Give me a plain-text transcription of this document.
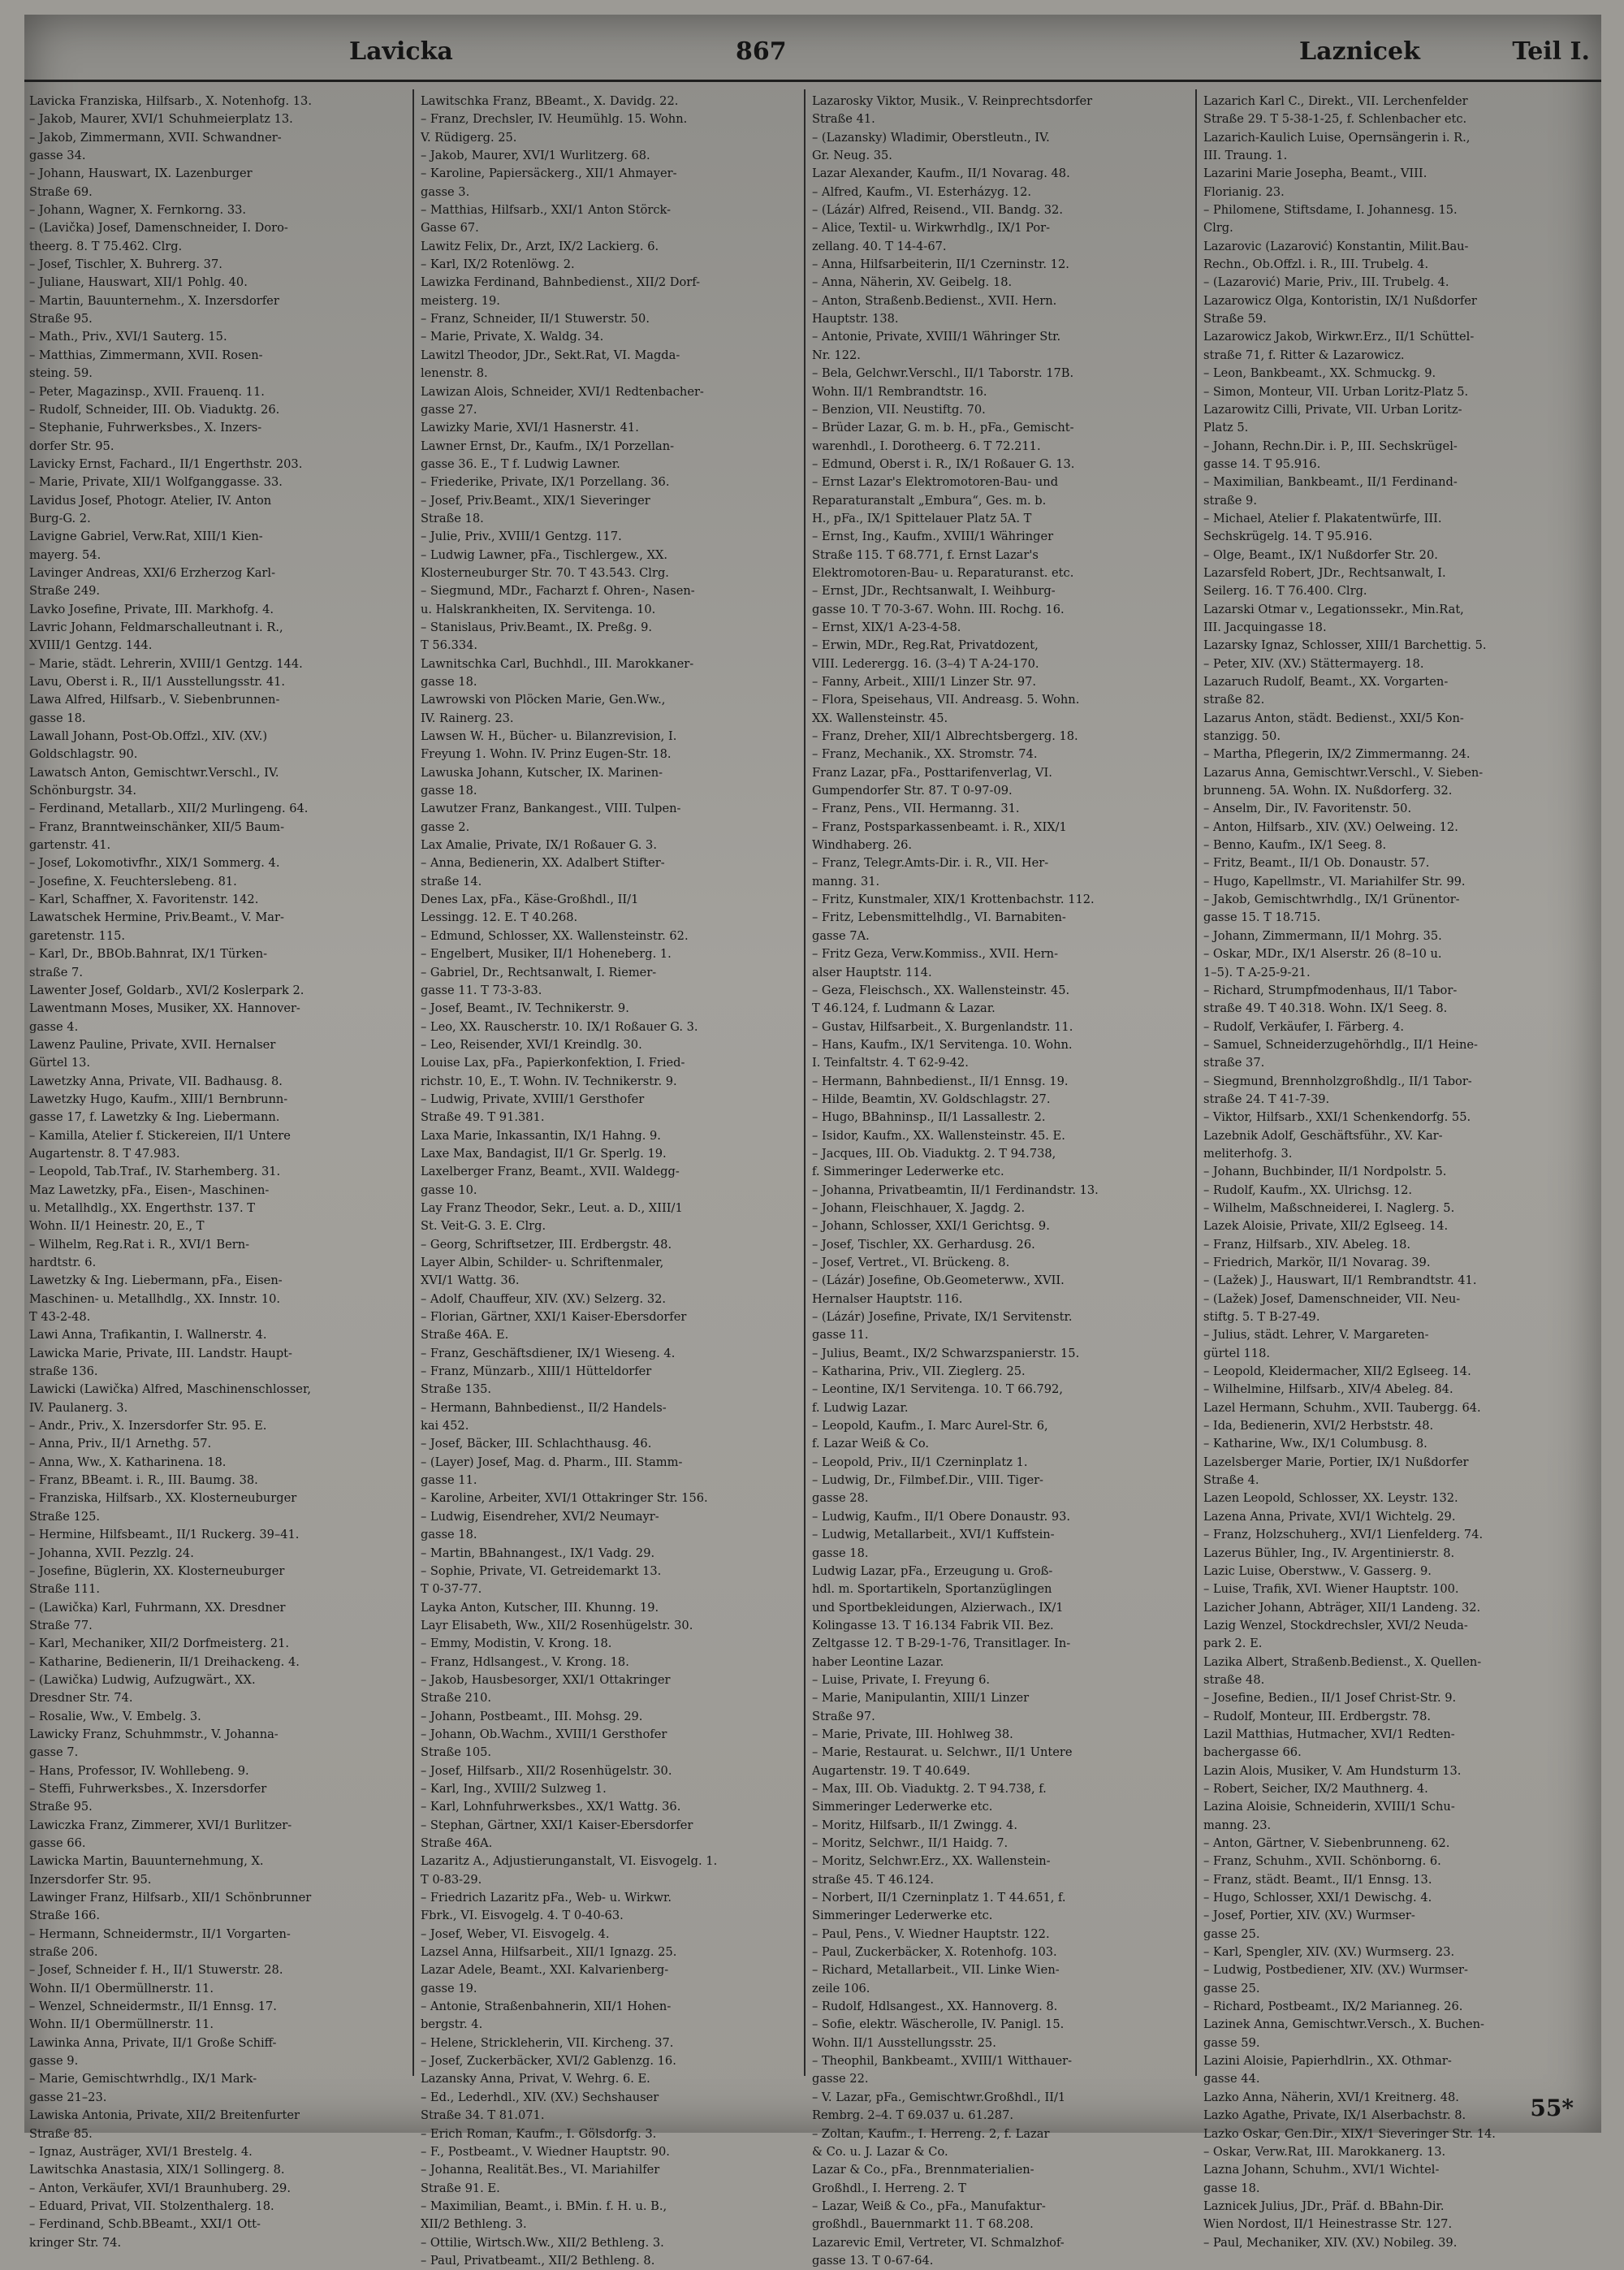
Lavicka	867	Laznicek	Teil I.
Lavicka Franziska, Hilfsarb., X. Notenhofg. 13.
– Jakob, Maurer, XVI/1 Schuhmeierplatz 13.
– Jakob, Zimmermann, XVII. Schwandner-
gasse 34.
– Johann, Hauswart, IX. Lazenburger
Straße 69.
– Johann, Wagner, X. Fernkorng. 33.
– (Lavička) Josef, Damenschneider, I. Doro-
theerg. 8. T 75.462. Clrg.
– Josef, Tischler, X. Buhrerg. 37.
– Juliane, Hauswart, XII/1 Pohlg. 40.
– Martin, Bauunternehm., X. Inzersdorfer
Straße 95.
– Math., Priv., XVI/1 Sauterg. 15.
– Matthias, Zimmermann, XVII. Rosen-
steing. 59.
– Peter, Magazinsp., XVII. Frauenq. 11.
– Rudolf, Schneider, III. Ob. Viaduktg. 26.
– Stephanie, Fuhrwerksbes., X. Inzers-
dorfer Str. 95.
Lavicky Ernst, Fachard., II/1 Engerthstr. 203.
– Marie, Private, XII/1 Wolfganggasse. 33.
Lavidus Josef, Photogr. Atelier, IV. Anton
Burg-G. 2.
Lavigne Gabriel, Verw.Rat, XIII/1 Kien-
mayerg. 54.
Lavinger Andreas, XXI/6 Erzherzog Karl-
Straße 249.
Lavko Josefine, Private, III. Markhofg. 4.
Lavric Johann, Feldmarschalleutnant i. R.,
XVIII/1 Gentzg. 144.
– Marie, städt. Lehrerin, XVIII/1 Gentzg. 144.
Lavu, Oberst i. R., II/1 Ausstellungsstr. 41.
Lawa Alfred, Hilfsarb., V. Siebenbrunnen-
gasse 18.
Lawall Johann, Post-Ob.Offzl., XIV. (XV.)
Goldschlagstr. 90.
Lawatsch Anton, Gemischtwr.Verschl., IV.
Schönburgstr. 34.
– Ferdinand, Metallarb., XII/2 Murlingeng. 64.
– Franz, Branntweinschänker, XII/5 Baum-
gartenstr. 41.
– Josef, Lokomotivfhr., XIX/1 Sommerg. 4.
– Josefine, X. Feuchterslebeng. 81.
– Karl, Schaffner, X. Favoritenstr. 142.
Lawatschek Hermine, Priv.Beamt., V. Mar-
garetenstr. 115.
– Karl, Dr., BBOb.Bahnrat, IX/1 Türken-
straße 7.
Lawenter Josef, Goldarb., XVI/2 Koslerpark 2.
Lawentmann Moses, Musiker, XX. Hannover-
gasse 4.
Lawenz Pauline, Private, XVII. Hernalser
Gürtel 13.
Lawetzky Anna, Private, VII. Badhausg. 8.
Lawetzky Hugo, Kaufm., XIII/1 Bernbrunn-
gasse 17, f. Lawetzky & Ing. Liebermann.
– Kamilla, Atelier f. Stickereien, II/1 Untere
Augartenstr. 8. T 47.983.
– Leopold, Tab.Traf., IV. Starhemberg. 31.
Maz Lawetzky, pFa., Eisen-, Maschinen-
u. Metallhdlg., XX. Engerthstr. 137. T
Wohn. II/1 Heinestr. 20, E., T
– Wilhelm, Reg.Rat i. R., XVI/1 Bern-
hardtstr. 6.
Lawetzky & Ing. Liebermann, pFa., Eisen-
Maschinen- u. Metallhdlg., XX. Innstr. 10.
T 43-2-48.
Lawi Anna, Trafikantin, I. Wallnerstr. 4.
Lawicka Marie, Private, III. Landstr. Haupt-
straße 136.
Lawicki (Lawička) Alfred, Maschinenschlosser,
IV. Paulanerg. 3.
– Andr., Priv., X. Inzersdorfer Str. 95. E.
– Anna, Priv., II/1 Arnethg. 57.
– Anna, Ww., X. Katharinena. 18.
– Franz, BBeamt. i. R., III. Baumg. 38.
– Franziska, Hilfsarb., XX. Klosterneuburger
Straße 125.
– Hermine, Hilfsbeamt., II/1 Ruckerg. 39–41.
– Johanna, XVII. Pezzlg. 24.
– Josefine, Büglerin, XX. Klosterneuburger
Straße 111.
– (Lawička) Karl, Fuhrmann, XX. Dresdner
Straße 77.
– Karl, Mechaniker, XII/2 Dorfmeisterg. 21.
– Katharine, Bedienerin, II/1 Dreihackeng. 4.
– (Lawička) Ludwig, Aufzugwärt., XX.
Dresdner Str. 74.
– Rosalie, Ww., V. Embelg. 3.
Lawicky Franz, Schuhmmstr., V. Johanna-
gasse 7.
– Hans, Professor, IV. Wohllebeng. 9.
– Steffi, Fuhrwerksbes., X. Inzersdorfer
Straße 95.
Lawiczka Franz, Zimmerer, XVI/1 Burlitzer-
gasse 66.
Lawicka Martin, Bauunternehmung, X.
Inzersdorfer Str. 95.
Lawinger Franz, Hilfsarb., XII/1 Schönbrunner
Straße 166.
– Hermann, Schneidermstr., II/1 Vorgarten-
straße 206.
– Josef, Schneider f. H., II/1 Stuwerstr. 28.
Wohn. II/1 Obermüllnerstr. 11.
– Wenzel, Schneidermstr., II/1 Ennsg. 17.
Wohn. II/1 Obermüllnerstr. 11.
Lawinka Anna, Private, II/1 Große Schiff-
gasse 9.
– Marie, Gemischtwrhdlg., IX/1 Mark-
gasse 21–23.
Lawiska Antonia, Private, XII/2 Breitenfurter
Straße 85.
– Ignaz, Austräger, XVI/1 Brestelg. 4.
Lawitschka Anastasia, XIX/1 Sollingerg. 8.
– Anton, Verkäufer, XVI/1 Braunhuberg. 29.
– Eduard, Privat, VII. Stolzenthalerg. 18.
– Ferdinand, Schb.BBeamt., XXI/1 Ott-
kringer Str. 74.
Lawitschka Franz, BBeamt., X. Davidg. 22.
– Franz, Drechsler, IV. Heumühlg. 15. Wohn.
V. Rüdigerg. 25.
– Jakob, Maurer, XVI/1 Wurlitzerg. 68.
– Karoline, Papiersäckerg., XII/1 Ahmayer-
gasse 3.
– Matthias, Hilfsarb., XXI/1 Anton Störck-
Gasse 67.
Lawitz Felix, Dr., Arzt, IX/2 Lackierg. 6.
– Karl, IX/2 Rotenlöwg. 2.
Lawizka Ferdinand, Bahnbedienst., XII/2 Dorf-
meisterg. 19.
– Franz, Schneider, II/1 Stuwerstr. 50.
– Marie, Private, X. Waldg. 34.
Lawitzl Theodor, JDr., Sekt.Rat, VI. Magda-
lenenstr. 8.
Lawizan Alois, Schneider, XVI/1 Redtenbacher-
gasse 27.
Lawizky Marie, XVI/1 Hasnerstr. 41.
Lawner Ernst, Dr., Kaufm., IX/1 Porzellan-
gasse 36. E., T f. Ludwig Lawner.
– Friederike, Private, IX/1 Porzellang. 36.
– Josef, Priv.Beamt., XIX/1 Sieveringer
Straße 18.
– Julie, Priv., XVIII/1 Gentzg. 117.
– Ludwig Lawner, pFa., Tischlergew., XX.
Klosterneuburger Str. 70. T 43.543. Clrg.
– Siegmund, MDr., Facharzt f. Ohren-, Nasen-
u. Halskrankheiten, IX. Servitenga. 10.
– Stanislaus, Priv.Beamt., IX. Preßg. 9.
T 56.334.
Lawnitschka Carl, Buchhdl., III. Marokkaner-
gasse 18.
Lawrowski von Plöcken Marie, Gen.Ww.,
IV. Rainerg. 23.
Lawsen W. H., Bücher- u. Bilanzrevision, I.
Freyung 1. Wohn. IV. Prinz Eugen-Str. 18.
Lawuska Johann, Kutscher, IX. Marinen-
gasse 18.
Lawutzer Franz, Bankangest., VIII. Tulpen-
gasse 2.
Lax Amalie, Private, IX/1 Roßauer G. 3.
– Anna, Bedienerin, XX. Adalbert Stifter-
straße 14.
Denes Lax, pFa., Käse-Großhdl., II/1
Lessingg. 12. E. T 40.268.
– Edmund, Schlosser, XX. Wallensteinstr. 62.
– Engelbert, Musiker, II/1 Hoheneberg. 1.
– Gabriel, Dr., Rechtsanwalt, I. Riemer-
gasse 11. T 73-3-83.
– Josef, Beamt., IV. Technikerstr. 9.
– Leo, XX. Rauscherstr. 10. IX/1 Roßauer G. 3.
– Leo, Reisender, XVI/1 Kreindlg. 30.
Louise Lax, pFa., Papierkonfektion, I. Fried-
richstr. 10, E., T. Wohn. IV. Technikerstr. 9.
– Ludwig, Private, XVIII/1 Gersthofer
Straße 49. T 91.381.
Laxa Marie, Inkassantin, IX/1 Hahng. 9.
Laxe Max, Bandagist, II/1 Gr. Sperlg. 19.
Laxelberger Franz, Beamt., XVII. Waldegg-
gasse 10.
Lay Franz Theodor, Sekr., Leut. a. D., XIII/1
St. Veit-G. 3. E. Clrg.
– Georg, Schriftsetzer, III. Erdbergstr. 48.
Layer Albin, Schilder- u. Schriftenmaler,
XVI/1 Wattg. 36.
– Adolf, Chauffeur, XIV. (XV.) Selzerg. 32.
– Florian, Gärtner, XXI/1 Kaiser-Ebersdorfer
Straße 46A. E.
– Franz, Geschäftsdiener, IX/1 Wieseng. 4.
– Franz, Münzarb., XIII/1 Hütteldorfer
Straße 135.
– Hermann, Bahnbedienst., II/2 Handels-
kai 452.
– Josef, Bäcker, III. Schlachthausg. 46.
– (Layer) Josef, Mag. d. Pharm., III. Stamm-
gasse 11.
– Karoline, Arbeiter, XVI/1 Ottakringer Str. 156.
– Ludwig, Eisendreher, XVI/2 Neumayr-
gasse 18.
– Martin, BBahnangest., IX/1 Vadg. 29.
– Sophie, Private, VI. Getreidemarkt 13.
T 0-37-77.
Layka Anton, Kutscher, III. Khunng. 19.
Layr Elisabeth, Ww., XII/2 Rosenhügelstr. 30.
– Emmy, Modistin, V. Krong. 18.
– Franz, Hdlsangest., V. Krong. 18.
– Jakob, Hausbesorger, XXI/1 Ottakringer
Straße 210.
– Johann, Postbeamt., III. Mohsg. 29.
– Johann, Ob.Wachm., XVIII/1 Gersthofer
Straße 105.
– Josef, Hilfsarb., XII/2 Rosenhügelstr. 30.
– Karl, Ing., XVIII/2 Sulzweg 1.
– Karl, Lohnfuhrwerksbes., XX/1 Wattg. 36.
– Stephan, Gärtner, XXI/1 Kaiser-Ebersdorfer
Straße 46A.
Lazaritz A., Adjustierunganstalt, VI. Eisvogelg. 1.
T 0-83-29.
– Friedrich Lazaritz pFa., Web- u. Wirkwr.
Fbrk., VI. Eisvogelg. 4. T 0-40-63.
– Josef, Weber, VI. Eisvogelg. 4.
Lazsel Anna, Hilfsarbeit., XII/1 Ignazg. 25.
Lazar Adele, Beamt., XXI. Kalvarienberg-
gasse 19.
– Antonie, Straßenbahnerin, XII/1 Hohen-
bergstr. 4.
– Helene, Strickleherin, VII. Kircheng. 37.
– Josef, Zuckerbäcker, XVI/2 Gablenzg. 16.
Lazansky Anna, Privat, V. Wehrg. 6. E.
– Ed., Lederhdl., XIV. (XV.) Sechshauser
Straße 34. T 81.071.
– Erich Roman, Kaufm., I. Gölsdorfg. 3.
– F., Postbeamt., V. Wiedner Hauptstr. 90.
– Johanna, Realität.Bes., VI. Mariahilfer
Straße 91. E.
– Maximilian, Beamt., i. BMin. f. H. u. B.,
XII/2 Bethleng. 3.
– Ottilie, Wirtsch.Ww., XII/2 Bethleng. 3.
– Paul, Privatbeamt., XII/2 Bethleng. 8.
Lazarosky Viktor, Musik., V. Reinprechtsdorfer
Straße 41.
– (Lazansky) Wladimir, Oberstleutn., IV.
Gr. Neug. 35.
Lazar Alexander, Kaufm., II/1 Novarag. 48.
– Alfred, Kaufm., VI. Esterházyg. 12.
– (Lázár) Alfred, Reisend., VII. Bandg. 32.
– Alice, Textil- u. Wirkwrhdlg., IX/1 Por-
zellang. 40. T 14-4-67.
– Anna, Hilfsarbeiterin, II/1 Czerninstr. 12.
– Anna, Näherin, XV. Geibelg. 18.
– Anton, Straßenb.Bedienst., XVII. Hern.
Hauptstr. 138.
– Antonie, Private, XVIII/1 Währinger Str.
Nr. 122.
– Bela, Gelchwr.Verschl., II/1 Taborstr. 17B.
Wohn. II/1 Rembrandtstr. 16.
– Benzion, VII. Neustiftg. 70.
– Brüder Lazar, G. m. b. H., pFa., Gemischt-
warenhdl., I. Dorotheerg. 6. T 72.211.
– Edmund, Oberst i. R., IX/1 Roßauer G. 13.
– Ernst Lazar's Elektromotoren-Bau- und
Reparaturanstalt „Embura“, Ges. m. b.
H., pFa., IX/1 Spittelauer Platz 5A. T
– Ernst, Ing., Kaufm., XVIII/1 Währinger
Straße 115. T 68.771, f. Ernst Lazar's
Elektromotoren-Bau- u. Reparaturanst. etc.
– Ernst, JDr., Rechtsanwalt, I. Weihburg-
gasse 10. T 70-3-67. Wohn. III. Rochg. 16.
– Ernst, XIX/1 A-23-4-58.
– Erwin, MDr., Reg.Rat, Privatdozent,
VIII. Lederergg. 16. (3–4) T A-24-170.
– Fanny, Arbeit., XIII/1 Linzer Str. 97.
– Flora, Speisehaus, VII. Andreasg. 5. Wohn.
XX. Wallensteinstr. 45.
– Franz, Dreher, XII/1 Albrechtsbergerg. 18.
– Franz, Mechanik., XX. Stromstr. 74.
Franz Lazar, pFa., Posttarifenverlag, VI.
Gumpendorfer Str. 87. T 0-97-09.
– Franz, Pens., VII. Hermanng. 31.
– Franz, Postsparkassenbeamt. i. R., XIX/1
Windhaberg. 26.
– Franz, Telegr.Amts-Dir. i. R., VII. Her-
manng. 31.
– Fritz, Kunstmaler, XIX/1 Krottenbachstr. 112.
– Fritz, Lebensmittelhdlg., VI. Barnabiten-
gasse 7A.
– Fritz Geza, Verw.Kommiss., XVII. Hern-
alser Hauptstr. 114.
– Geza, Fleischsch., XX. Wallensteinstr. 45.
T 46.124, f. Ludmann & Lazar.
– Gustav, Hilfsarbeit., X. Burgenlandstr. 11.
– Hans, Kaufm., IX/1 Servitenga. 10. Wohn.
I. Teinfaltstr. 4. T 62-9-42.
– Hermann, Bahnbedienst., II/1 Ennsg. 19.
– Hilde, Beamtin, XV. Goldschlagstr. 27.
– Hugo, BBahninsp., II/1 Lassallestr. 2.
– Isidor, Kaufm., XX. Wallensteinstr. 45. E.
– Jacques, III. Ob. Viaduktg. 2. T 94.738,
f. Simmeringer Lederwerke etc.
– Johanna, Privatbeamtin, II/1 Ferdinandstr. 13.
– Johann, Fleischhauer, X. Jagdg. 2.
– Johann, Schlosser, XXI/1 Gerichtsg. 9.
– Josef, Tischler, XX. Gerhardusg. 26.
– Josef, Vertret., VI. Brückeng. 8.
– (Lázár) Josefine, Ob.Geometerww., XVII.
Hernalser Hauptstr. 116.
– (Lázár) Josefine, Private, IX/1 Servitenstr.
gasse 11.
– Julius, Beamt., IX/2 Schwarzspanierstr. 15.
– Katharina, Priv., VII. Zieglerg. 25.
– Leontine, IX/1 Servitenga. 10. T 66.792,
f. Ludwig Lazar.
– Leopold, Kaufm., I. Marc Aurel-Str. 6,
f. Lazar Weiß & Co.
– Leopold, Priv., II/1 Czerninplatz 1.
– Ludwig, Dr., Filmbef.Dir., VIII. Tiger-
gasse 28.
– Ludwig, Kaufm., II/1 Obere Donaustr. 93.
– Ludwig, Metallarbeit., XVI/1 Kuffstein-
gasse 18.
Ludwig Lazar, pFa., Erzeugung u. Groß-
hdl. m. Sportartikeln, Sportanzüglingen
und Sportbekleidungen, Alzierwach., IX/1
Kolingasse 13. T 16.134 Fabrik VII. Bez.
Zeltgasse 12. T B-29-1-76, Transitlager. In-
haber Leontine Lazar.
– Luise, Private, I. Freyung 6.
– Marie, Manipulantin, XIII/1 Linzer
Straße 97.
– Marie, Private, III. Hohlweg 38.
– Marie, Restaurat. u. Selchwr., II/1 Untere
Augartenstr. 19. T 40.649.
– Max, III. Ob. Viaduktg. 2. T 94.738, f.
Simmeringer Lederwerke etc.
– Moritz, Hilfsarb., II/1 Zwingg. 4.
– Moritz, Selchwr., II/1 Haidg. 7.
– Moritz, Selchwr.Erz., XX. Wallenstein-
straße 45. T 46.124.
– Norbert, II/1 Czerninplatz 1. T 44.651, f.
Simmeringer Lederwerke etc.
– Paul, Pens., V. Wiedner Hauptstr. 122.
– Paul, Zuckerbäcker, X. Rotenhofg. 103.
– Richard, Metallarbeit., VII. Linke Wien-
zeile 106.
– Rudolf, Hdlsangest., XX. Hannoverg. 8.
– Sofie, elektr. Wäscherolle, IV. Panigl. 15.
Wohn. II/1 Ausstellungsstr. 25.
– Theophil, Bankbeamt., XVIII/1 Witthauer-
gasse 22.
– V. Lazar, pFa., Gemischtwr.Großhdl., II/1
Rembrg. 2–4. T 69.037 u. 61.287.
– Zoltan, Kaufm., I. Herreng. 2, f. Lazar
& Co. u. J. Lazar & Co.
Lazar & Co., pFa., Brennmaterialien-
Großhdl., I. Herreng. 2. T
– Lazar, Weiß & Co., pFa., Manufaktur-
großhdl., Bauernmarkt 11. T 68.208.
Lazarevic Emil, Vertreter, VI. Schmalzhof-
gasse 13. T 0-67-64.
Lazarich Karl C., Direkt., VII. Lerchenfelder
Straße 29. T 5-38-1-25, f. Schlenbacher etc.
Lazarich-Kaulich Luise, Opernsängerin i. R.,
III. Traung. 1.
Lazarini Marie Josepha, Beamt., VIII.
Florianig. 23.
– Philomene, Stiftsdame, I. Johannesg. 15.
Clrg.
Lazarovic (Lazarović) Konstantin, Milit.Bau-
Rechn., Ob.Offzl. i. R., III. Trubelg. 4.
– (Lazarović) Marie, Priv., III. Trubelg. 4.
Lazarowicz Olga, Kontoristin, IX/1 Nußdorfer
Straße 59.
Lazarowicz Jakob, Wirkwr.Erz., II/1 Schüttel-
straße 71, f. Ritter & Lazarowicz.
– Leon, Bankbeamt., XX. Schmuckg. 9.
– Simon, Monteur, VII. Urban Loritz-Platz 5.
Lazarowitz Cilli, Private, VII. Urban Loritz-
Platz 5.
– Johann, Rechn.Dir. i. P., III. Sechskrügel-
gasse 14. T 95.916.
– Maximilian, Bankbeamt., II/1 Ferdinand-
straße 9.
– Michael, Atelier f. Plakatentwürfe, III.
Sechskrügelg. 14. T 95.916.
– Olge, Beamt., IX/1 Nußdorfer Str. 20.
Lazarsfeld Robert, JDr., Rechtsanwalt, I.
Seilerg. 16. T 76.400. Clrg.
Lazarski Otmar v., Legationssekr., Min.Rat,
III. Jacquingasse 18.
Lazarsky Ignaz, Schlosser, XIII/1 Barchettig. 5.
– Peter, XIV. (XV.) Stättermayerg. 18.
Lazaruch Rudolf, Beamt., XX. Vorgarten-
straße 82.
Lazarus Anton, städt. Bedienst., XXI/5 Kon-
stanzigg. 50.
– Martha, Pflegerin, IX/2 Zimmermanng. 24.
Lazarus Anna, Gemischtwr.Verschl., V. Sieben-
brunneng. 5A. Wohn. IX. Nußdorferg. 32.
– Anselm, Dir., IV. Favoritenstr. 50.
– Anton, Hilfsarb., XIV. (XV.) Oelweing. 12.
– Benno, Kaufm., IX/1 Seeg. 8.
– Fritz, Beamt., II/1 Ob. Donaustr. 57.
– Hugo, Kapellmstr., VI. Mariahilfer Str. 99.
– Jakob, Gemischtwrhdlg., IX/1 Grünentor-
gasse 15. T 18.715.
– Johann, Zimmermann, II/1 Mohrg. 35.
– Oskar, MDr., IX/1 Alserstr. 26 (8–10 u.
1–5). T A-25-9-21.
– Richard, Strumpfmodenhaus, II/1 Tabor-
straße 49. T 40.318. Wohn. IX/1 Seeg. 8.
– Rudolf, Verkäufer, I. Färberg. 4.
– Samuel, Schneiderzugehörhdlg., II/1 Heine-
straße 37.
– Siegmund, Brennholzgroßhdlg., II/1 Tabor-
straße 24. T 41-7-39.
– Viktor, Hilfsarb., XXI/1 Schenkendorfg. 55.
Lazebnik Adolf, Geschäftsführ., XV. Kar-
meliterhofg. 3.
– Johann, Buchbinder, II/1 Nordpolstr. 5.
– Rudolf, Kaufm., XX. Ulrichsg. 12.
– Wilhelm, Maßschneiderei, I. Naglerg. 5.
Lazek Aloisie, Private, XII/2 Eglseeg. 14.
– Franz, Hilfsarb., XIV. Abeleg. 18.
– Friedrich, Markör, II/1 Novarag. 39.
– (Lažek) J., Hauswart, II/1 Rembrandtstr. 41.
– (Lažek) Josef, Damenschneider, VII. Neu-
stiftg. 5. T B-27-49.
– Julius, städt. Lehrer, V. Margareten-
gürtel 118.
– Leopold, Kleidermacher, XII/2 Eglseeg. 14.
– Wilhelmine, Hilfsarb., XIV/4 Abeleg. 84.
Lazel Hermann, Schuhm., XVII. Taubergg. 64.
– Ida, Bedienerin, XVI/2 Herbststr. 48.
– Katharine, Ww., IX/1 Columbusg. 8.
Lazelsberger Marie, Portier, IX/1 Nußdorfer
Straße 4.
Lazen Leopold, Schlosser, XX. Leystr. 132.
Lazena Anna, Private, XVI/1 Wichtelg. 29.
– Franz, Holzschuherg., XVI/1 Lienfelderg. 74.
Lazerus Bühler, Ing., IV. Argentinierstr. 8.
Lazic Luise, Oberstww., V. Gasserg. 9.
– Luise, Trafik, XVI. Wiener Hauptstr. 100.
Lazicher Johann, Abträger, XII/1 Landeng. 32.
Lazig Wenzel, Stockdrechsler, XVI/2 Neuda-
park 2. E.
Lazika Albert, Straßenb.Bedienst., X. Quellen-
straße 48.
– Josefine, Bedien., II/1 Josef Christ-Str. 9.
– Rudolf, Monteur, III. Erdbergstr. 78.
Lazil Matthias, Hutmacher, XVI/1 Redten-
bachergasse 66.
Lazin Alois, Musiker, V. Am Hundsturm 13.
– Robert, Seicher, IX/2 Mauthnerg. 4.
Lazina Aloisie, Schneiderin, XVIII/1 Schu-
manng. 23.
– Anton, Gärtner, V. Siebenbrunneng. 62.
– Franz, Schuhm., XVII. Schönborng. 6.
– Franz, städt. Beamt., II/1 Ennsg. 13.
– Hugo, Schlosser, XXI/1 Dewischg. 4.
– Josef, Portier, XIV. (XV.) Wurmser-
gasse 25.
– Karl, Spengler, XIV. (XV.) Wurmserg. 23.
– Ludwig, Postbediener, XIV. (XV.) Wurmser-
gasse 25.
– Richard, Postbeamt., IX/2 Marianneg. 26.
Lazinek Anna, Gemischtwr.Versch., X. Buchen-
gasse 59.
Lazini Aloisie, Papierhdlrin., XX. Othmar-
gasse 44.
Lazko Anna, Näherin, XVI/1 Kreitnerg. 48.
Lazko Agathe, Private, IX/1 Alserbachstr. 8.
Lazko Oskar, Gen.Dir., XIX/1 Sieveringer Str. 14.
– Oskar, Verw.Rat, III. Marokkanerg. 13.
Lazna Johann, Schuhm., XVI/1 Wichtel-
gasse 18.
Laznicek Julius, JDr., Präf. d. BBahn-Dir.
Wien Nordost, II/1 Heinestrasse Str. 127.
– Paul, Mechaniker, XIV. (XV.) Nobileg. 39.
55*
